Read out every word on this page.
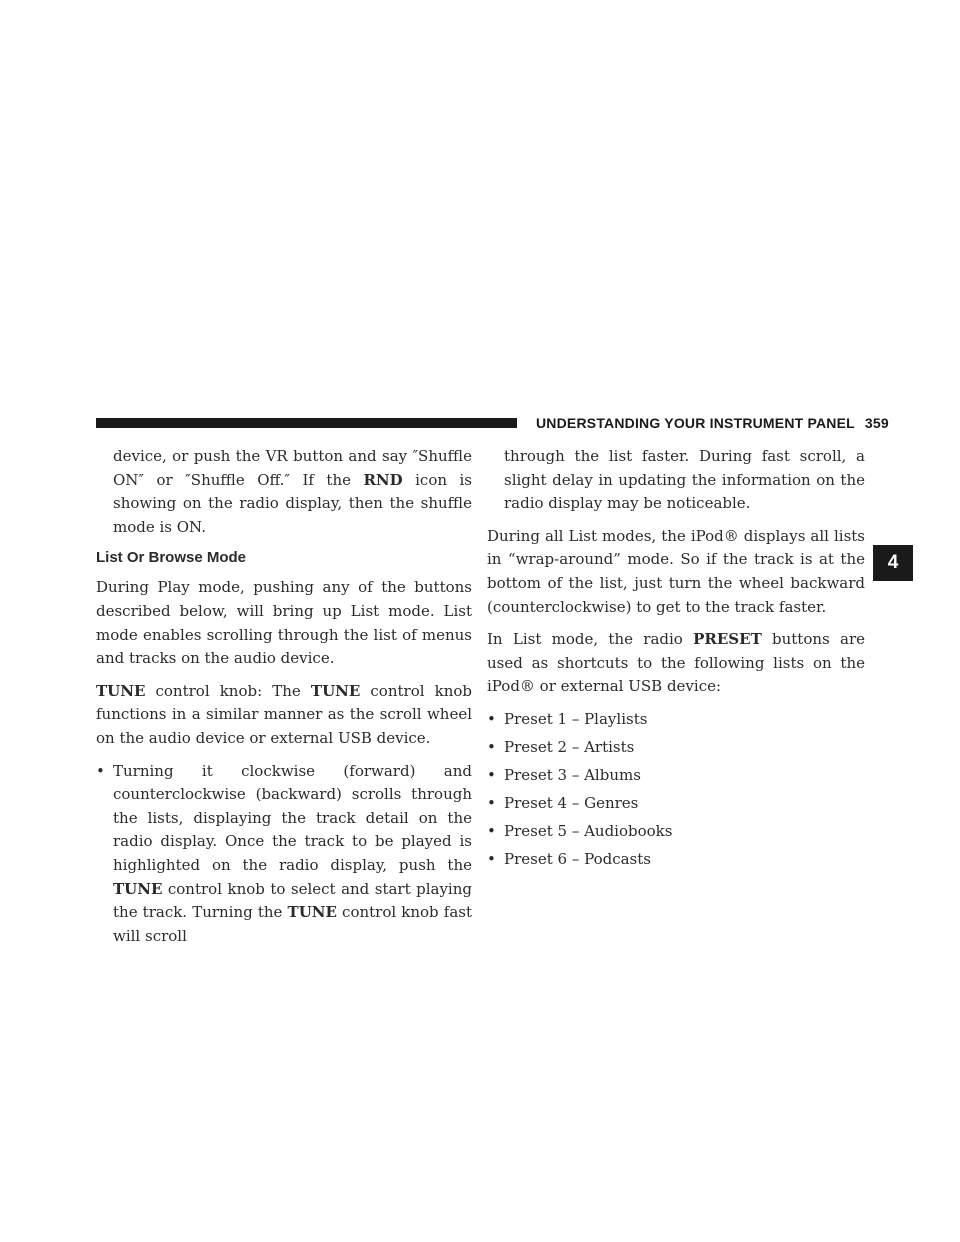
UNDERSTANDING YOUR INSTRUMENT PANEL 359
4

device, or push the VR button and say ″Shuffle ON″ or ″Shuffle Off.″ If the RND icon is showing on the radio display, then the shuffle mode is ON.

List Or Browse Mode

During Play mode, pushing any of the buttons described below, will bring up List mode. List mode enables scrolling through the list of menus and tracks on the audio device.

TUNE control knob: The TUNE control knob functions in a similar manner as the scroll wheel on the audio device or external USB device.

• Turning it clockwise (forward) and counterclockwise (backward) scrolls through the lists, displaying the track detail on the radio display. Once the track to be played is highlighted on the radio display, push the TUNE control knob to select and start playing the track. Turning the TUNE control knob fast will scroll

through the list faster. During fast scroll, a slight delay in updating the information on the radio display may be noticeable.

During all List modes, the iPod® displays all lists in “wrap-around” mode. So if the track is at the bottom of the list, just turn the wheel backward (counterclockwise) to get to the track faster.

In List mode, the radio PRESET buttons are used as shortcuts to the following lists on the iPod® or external USB device:

• Preset 1 – Playlists
• Preset 2 – Artists
• Preset 3 – Albums
• Preset 4 – Genres
• Preset 5 – Audiobooks
• Preset 6 – Podcasts
